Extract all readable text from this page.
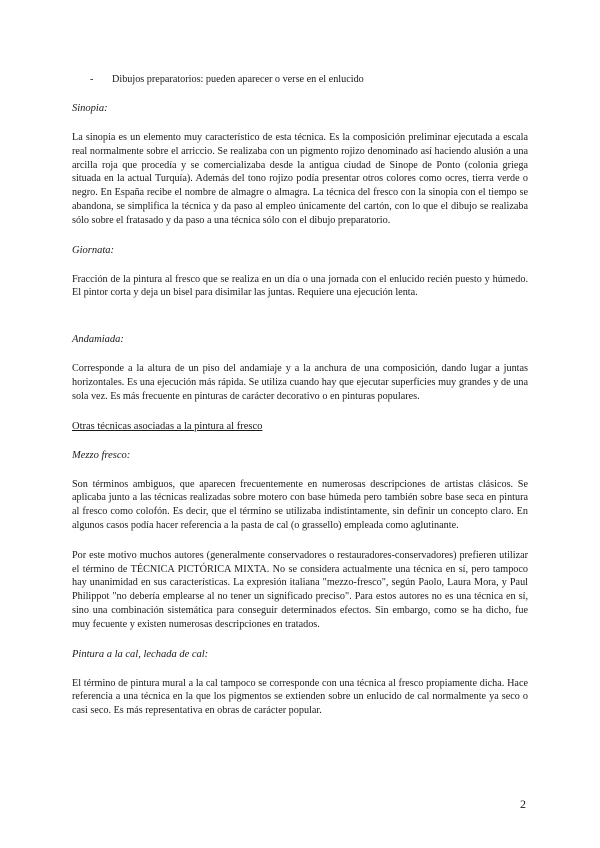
-	Dibujos preparatorios: pueden aparecer o verse en el enlucido

Sinopia:

La sinopia es un elemento muy característico de esta técnica. Es la composición preliminar ejecutada a escala real normalmente sobre el arriccio. Se realizaba con un pigmento rojizo denominado así haciendo alusión a una arcilla roja que procedía y se comercializaba desde la antigua ciudad de Sinope de Ponto (colonia griega situada en la actual Turquía). Además del tono rojizo podía presentar otros colores como ocres, tierra verde o negro. En España recibe el nombre de almagre o almagra. La técnica del fresco con la sinopia con el tiempo se abandona, se simplifica la técnica y da paso al empleo únicamente del cartón, con lo que el dibujo se realizaba sólo sobre el fratasado y da paso a una técnica sólo con el dibujo preparatorio.

Giornata:

Fracción de la pintura al fresco que se realiza en un día o una jornada con el enlucido recién puesto y húmedo. El pintor corta y deja un bisel para disimilar las juntas. Requiere una ejecución lenta.

Andamiada:

Corresponde a la altura de un piso del andamiaje y a la anchura de una composición, dando lugar a juntas horizontales. Es una ejecución más rápida. Se utiliza cuando hay que ejecutar superficies muy grandes y de una sola vez. Es más frecuente en pinturas de carácter decorativo o en pinturas populares.

Otras técnicas asociadas a la pintura al fresco

Mezzo fresco:

Son términos ambiguos, que aparecen frecuentemente en numerosas descripciones de artistas clásicos. Se aplicaba junto a las técnicas realizadas sobre motero con base húmeda pero también sobre base seca en pintura al fresco como colofón. Es decir, que el término se utilizaba indistintamente, sin definir un concepto claro. En algunos casos podía hacer referencia a la pasta de cal (o grassello) empleada como aglutinante.

Por este motivo muchos autores (generalmente conservadores o restauradores-conservadores) prefieren utilizar el término de TÉCNICA PICTÓRICA MIXTA. No se considera actualmente una técnica en sí, pero tampoco hay unanimidad en sus características. La expresión italiana "mezzo-fresco", según Paolo, Laura Mora, y Paul Philippot "no debería emplearse al no tener un significado preciso". Para estos autores no es una técnica en sí, sino una combinación sistemática para conseguir determinados efectos. Sin embargo, como se ha dicho, fue muy fecuente y existen numerosas descripciones en tratados.

Pintura a la cal, lechada de cal:

El término de pintura mural a la cal tampoco se corresponde con una técnica al fresco propiamente dicha. Hace referencia a una técnica en la que los pigmentos se extienden sobre un enlucido de cal normalmente ya seco o casi seco. Es más representativa en obras de carácter popular.

2
